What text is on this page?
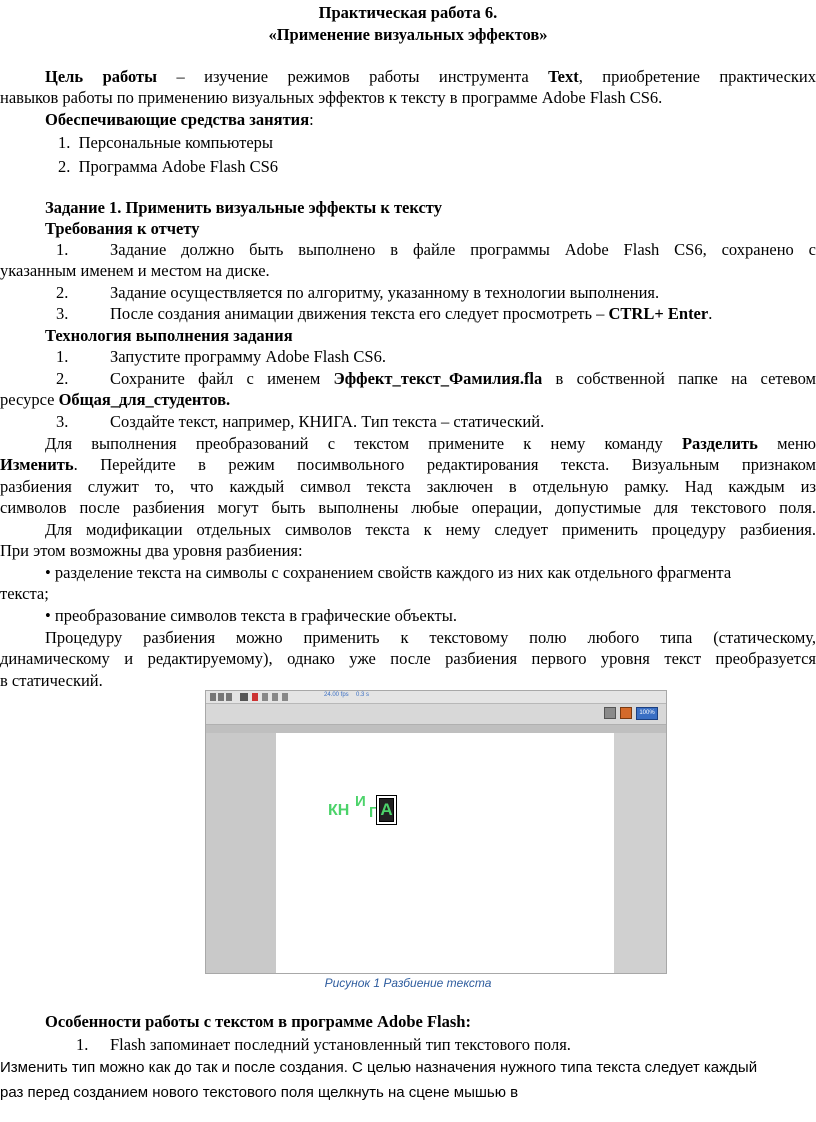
Практическая работа 6.
«Применение визуальных эффектов»
Цель работы – изучение режимов работы инструмента Text, приобретение практических
навыков работы по применению визуальных эффектов к тексту в программе Adobe Flash CS6.
Обеспечивающие средства занятия:
1.  Персональные компьютеры
2.  Программа Adobe Flash CS6
Задание 1. Применить визуальные эффекты к тексту
Требования к отчету
1.	Задание должно быть выполнено в файле программы Adobe Flash CS6, сохранено с
указанным именем и местом на диске.
2.	Задание осуществляется по алгоритму, указанному в технологии выполнения.
3.	После создания анимации движения текста его следует просмотреть – CTRL+ Enter.
Технология выполнения задания
1.	Запустите программу Adobe Flash CS6.
2.	Сохраните файл с именем Эффект_текст_Фамилия.fla в собственной папке на сетевом
ресурсе Общая_для_студентов.
3.	Создайте текст, например, КНИГА. Тип текста – статический.
Для выполнения преобразований с текстом примените к нему команду Разделить меню
Изменить. Перейдите в режим посимвольного редактирования текста. Визуальным признаком
разбиения служит то, что каждый символ текста заключен в отдельную рамку. Над каждым из
символов после разбиения могут быть выполнены любые операции, допустимые для текстового поля.
Для модификации отдельных символов текста к нему следует применить процедуру разбиения.
При этом возможны два уровня разбиения:
• разделение текста на символы с сохранением свойств каждого из них как отдельного фрагмента
текста;
• преобразование символов текста в графические объекты.
Процедуру разбиения можно применить к текстовому полю любого типа (статическому,
динамическому и редактируемому), однако уже после разбиения первого уровня текст преобразуется
в статический.
24.00 fps 0.3 s
100%
КН
И
Г А
Рисунок 1 Разбиение текста
Особенности работы с текстом в программе Adobe Flash:
1. Flash запоминает последний установленный тип текстового поля.
Изменить тип можно как до так и после создания. С целью назначения нужного типа текста следует каждый
раз перед созданием нового текстового поля щелкнуть на сцене мышью в
